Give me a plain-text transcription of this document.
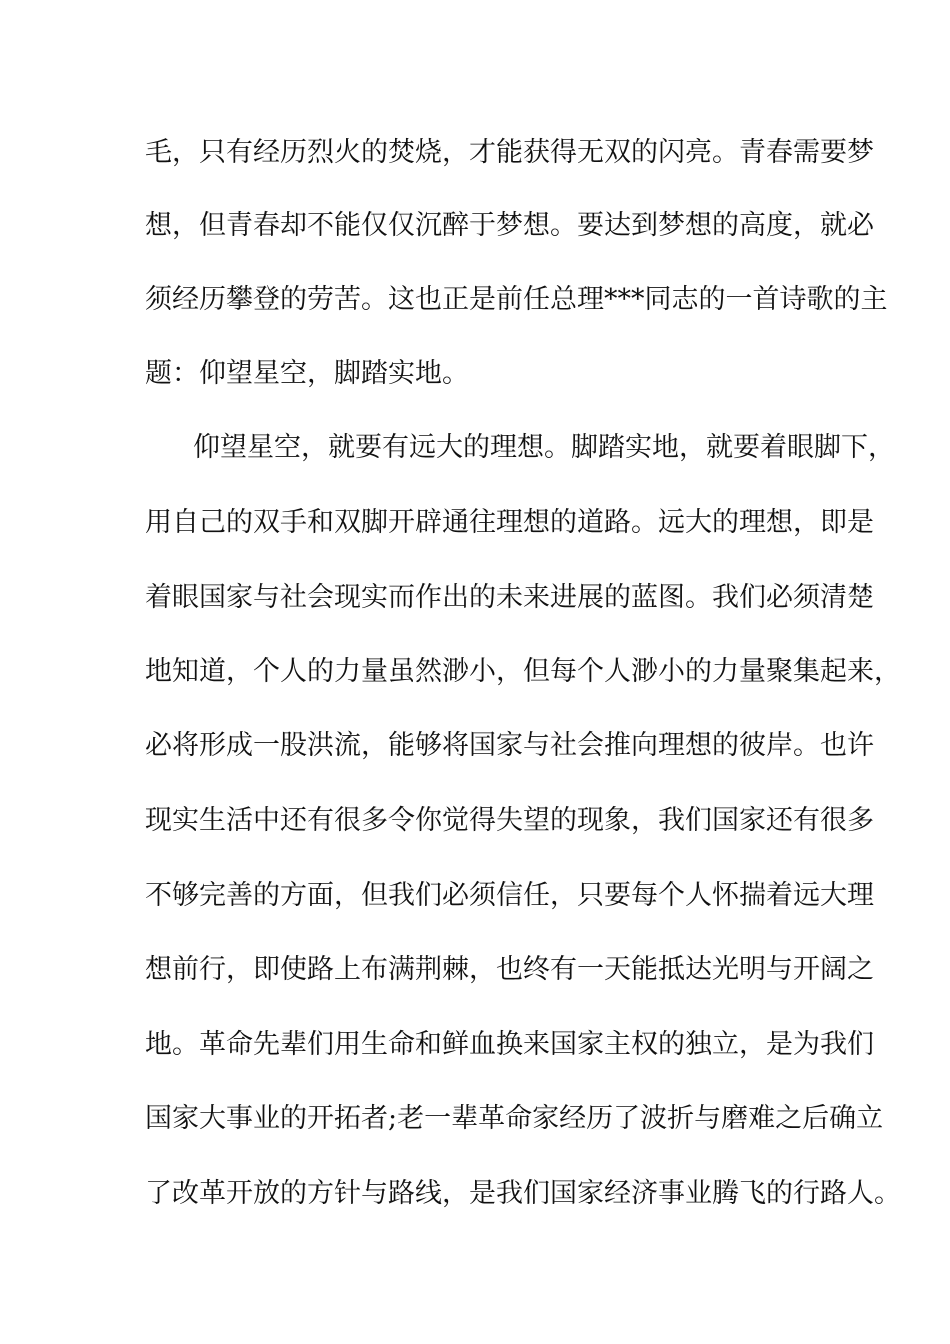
毛，只有经历烈火的焚烧，才能获得无双的闪亮。青春需要梦
想，但青春却不能仅仅沉醉于梦想。要达到梦想的高度，就必
须经历攀登的劳苦。这也正是前任总理***同志的一首诗歌的主
题：仰望星空，脚踏实地。
仰望星空，就要有远大的理想。脚踏实地，就要着眼脚下，
用自己的双手和双脚开辟通往理想的道路。远大的理想，即是
着眼国家与社会现实而作出的未来进展的蓝图。我们必须清楚
地知道，个人的力量虽然渺小，但每个人渺小的力量聚集起来，
必将形成一股洪流，能够将国家与社会推向理想的彼岸。也许
现实生活中还有很多令你觉得失望的现象，我们国家还有很多
不够完善的方面，但我们必须信任，只要每个人怀揣着远大理
想前行，即使路上布满荆棘，也终有一天能抵达光明与开阔之
地。革命先辈们用生命和鲜血换来国家主权的独立，是为我们
国家大事业的开拓者;老一辈革命家经历了波折与磨难之后确立
了改革开放的方针与路线，是我们国家经济事业腾飞的行路人。
